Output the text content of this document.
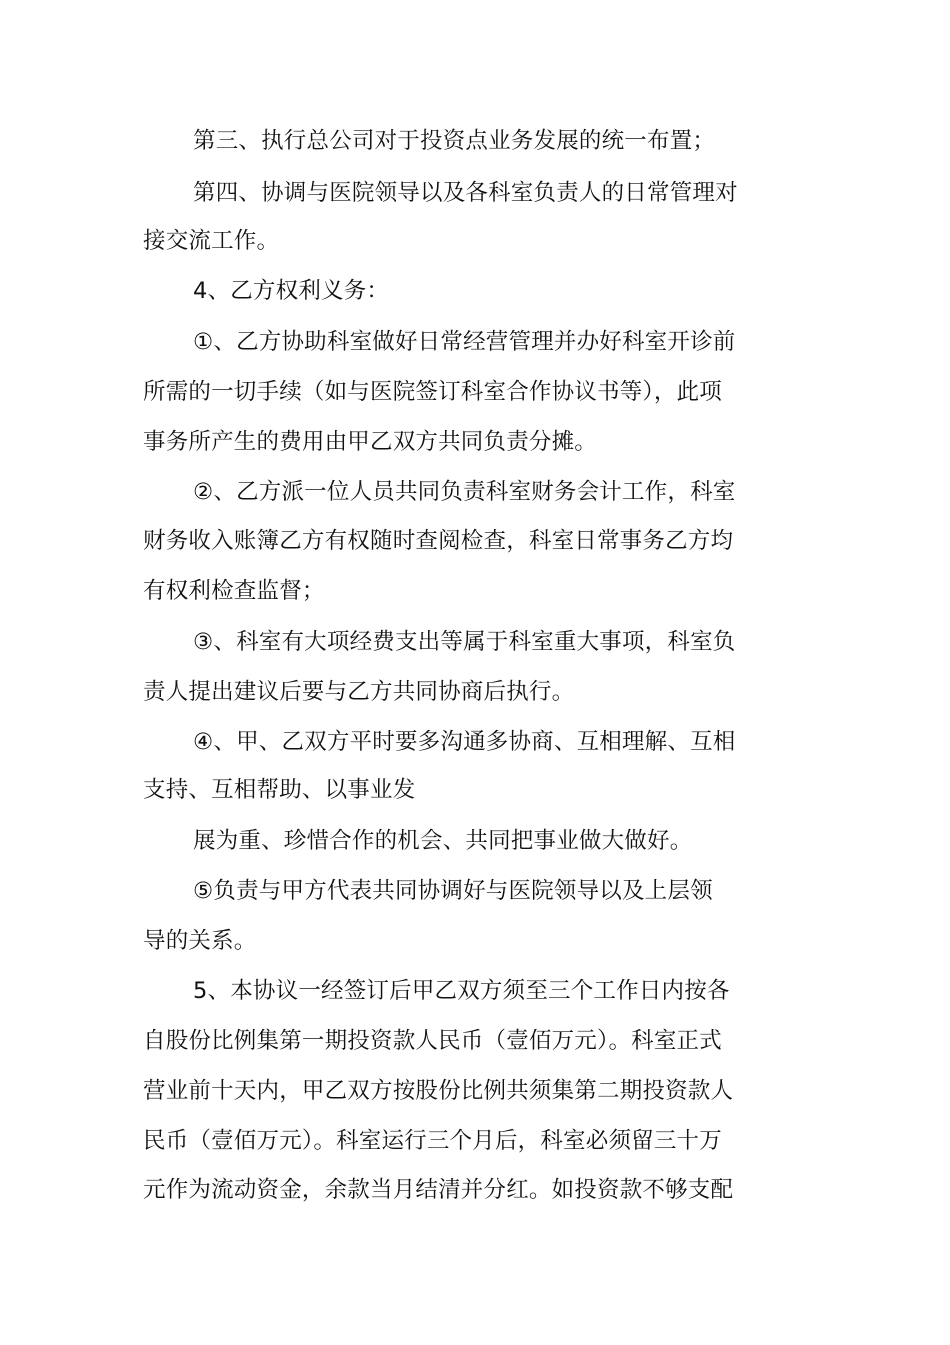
第三、执行总公司对于投资点业务发展的统一布置；
第四、协调与医院领导以及各科室负责人的日常管理对
接交流工作。
4、乙方权利义务：
①、乙方协助科室做好日常经营管理并办好科室开诊前
所需的一切手续（如与医院签订科室合作协议书等），此项
事务所产生的费用由甲乙双方共同负责分摊。
②、乙方派一位人员共同负责科室财务会计工作，科室
财务收入账簿乙方有权随时查阅检查，科室日常事务乙方均
有权利检查监督；
③、科室有大项经费支出等属于科室重大事项，科室负
责人提出建议后要与乙方共同协商后执行。
④、甲、乙双方平时要多沟通多协商、互相理解、互相
支持、互相帮助、以事业发
展为重、珍惜合作的机会、共同把事业做大做好。
⑤负责与甲方代表共同协调好与医院领导以及上层领
导的关系。
5、本协议一经签订后甲乙双方须至三个工作日内按各
自股份比例集第一期投资款人民币（壹佰万元）。科室正式
营业前十天内，甲乙双方按股份比例共须集第二期投资款人
民币（壹佰万元）。科室运行三个月后，科室必须留三十万
元作为流动资金，余款当月结清并分红。如投资款不够支配
